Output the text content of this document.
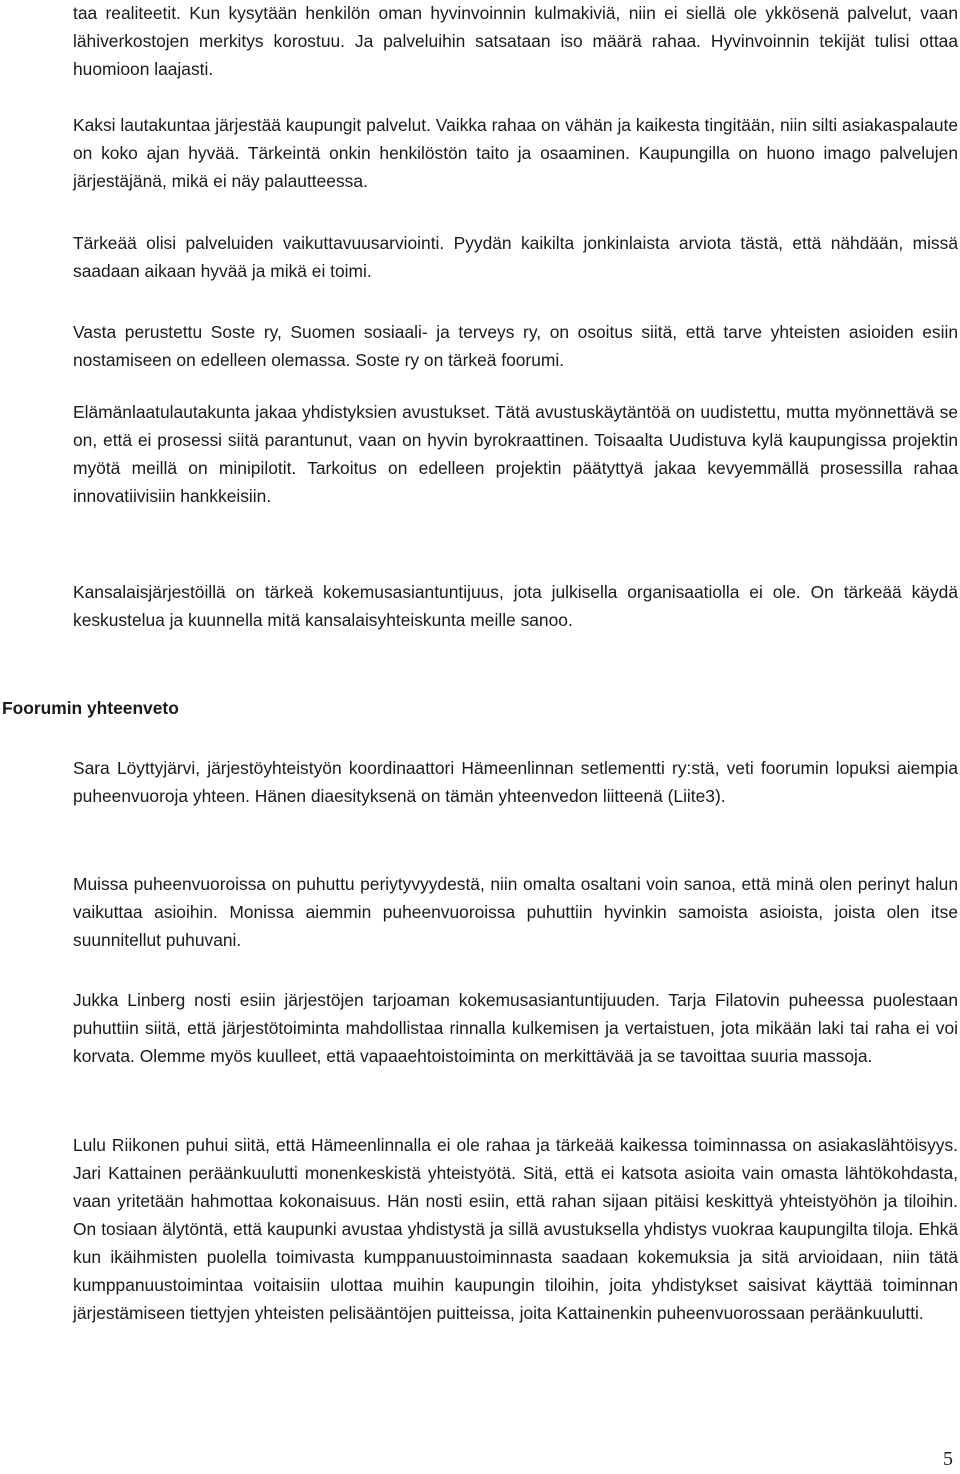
taa realiteetit. Kun kysytään henkilön oman hyvinvoinnin kulmakiviä, niin ei siellä ole ykkösenä palvelut, vaan lähiverkostojen merkitys korostuu. Ja palveluihin satsataan iso määrä rahaa. Hyvinvoinnin tekijät tulisi ottaa huomioon laajasti.

Kaksi lautakuntaa järjestää kaupungit palvelut. Vaikka rahaa on vähän ja kaikesta tingitään, niin silti asiakaspalaute on koko ajan hyvää. Tärkeintä onkin henkilöstön taito ja osaaminen. Kaupungilla on huono imago palvelujen järjestäjänä, mikä ei näy palautteessa.

Tärkeää olisi palveluiden vaikuttavuusarviointi. Pyydän kaikilta jonkinlaista arviota tästä, että nähdään, missä saadaan aikaan hyvää ja mikä ei toimi.

Vasta perustettu Soste ry, Suomen sosiaali- ja terveys ry, on osoitus siitä, että tarve yhteisten asioiden esiin nostamiseen on edelleen olemassa. Soste ry on tärkeä foorumi.

Elämänlaatulautakunta jakaa yhdistyksien avustukset. Tätä avustuskäytäntöä on uudistettu, mutta myönnettävä se on, että ei prosessi siitä parantunut, vaan on hyvin byrokraattinen. Toisaalta Uudistuva kylä kaupungissa projektin myötä meillä on minipilotit. Tarkoitus on edelleen projektin päätyttyä jakaa kevyemmällä prosessilla rahaa innovatiivisiin hankkeisiin.

Kansalaisjärjestöillä on tärkeä kokemusasiantuntijuus, jota julkisella organisaatiolla ei ole. On tärkeää käydä keskustelua ja kuunnella mitä kansalaisyhteiskunta meille sanoo.

Foorumin yhteenveto

Sara Löyttyjärvi, järjestöyhteistyön koordinaattori Hämeenlinnan setlementti ry:stä, veti foorumin lopuksi aiempia puheenvuoroja yhteen. Hänen diaesityksenä on tämän yhteenvedon liitteenä (Liite3).

Muissa puheenvuoroissa on puhuttu periytyvyydestä, niin omalta osaltani voin sanoa, että minä olen perinyt halun vaikuttaa asioihin. Monissa aiemmin puheenvuoroissa puhuttiin hyvinkin samoista asioista, joista olen itse suunnitellut puhuvani.

Jukka Linberg nosti esiin järjestöjen tarjoaman kokemusasiantuntijuuden. Tarja Filatovin puheessa puolestaan puhuttiin siitä, että järjestötoiminta mahdollistaa rinnalla kulkemisen ja vertaistuen, jota mikään laki tai raha ei voi korvata. Olemme myös kuulleet, että vapaaehtoistoiminta on merkittävää ja se tavoittaa suuria massoja.

Lulu Riikonen puhui siitä, että Hämeenlinnalla ei ole rahaa ja tärkeää kaikessa toiminnassa on asiakaslähtöisyys. Jari Kattainen peräänkuulutti monenkeskistä yhteistyötä. Sitä, että ei katsota asioita vain omasta lähtökohdasta, vaan yritetään hahmottaa kokonaisuus. Hän nosti esiin, että rahan sijaan pitäisi keskittyä yhteistyöhön ja tiloihin. On tosiaan älytöntä, että kaupunki avustaa yhdistystä ja sillä avustuksella yhdistys vuokraa kaupungilta tiloja. Ehkä kun ikäihmisten puolella toimivasta kumppanuustoiminnasta saadaan kokemuksia ja sitä arvioidaan, niin tätä kumppanuustoimintaa voitaisiin ulottaa muihin kaupungin tiloihin, joita yhdistykset saisivat käyttää toiminnan järjestämiseen tiettyjen yhteisten pelisääntöjen puitteissa, joita Kattainenkin puheenvuorossaan peräänkuulutti.

5
